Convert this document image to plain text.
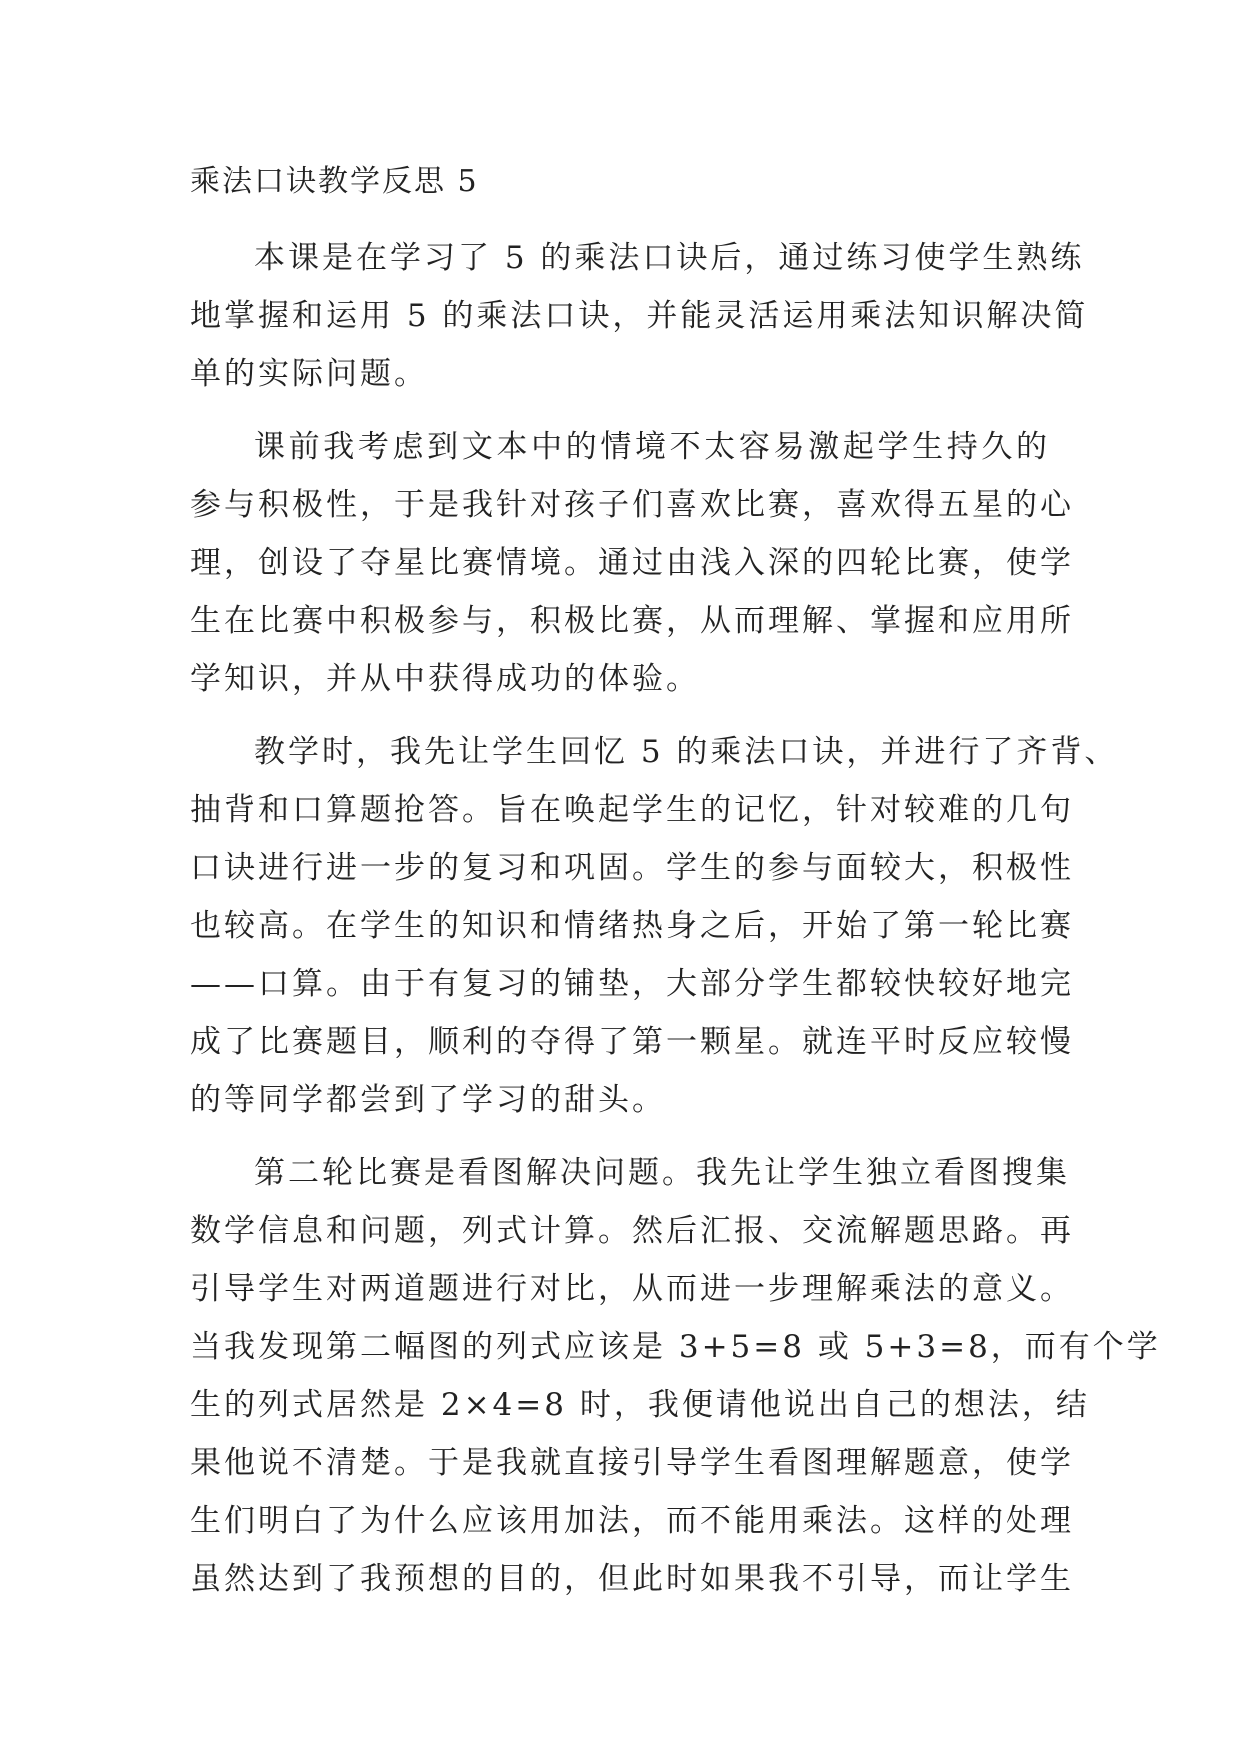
乘法口诀教学反思 5
本课是在学习了 5 的乘法口诀后，通过练习使学生熟练
地掌握和运用 5 的乘法口诀，并能灵活运用乘法知识解决简
单的实际问题。
课前我考虑到文本中的情境不太容易激起学生持久的
参与积极性，于是我针对孩子们喜欢比赛，喜欢得五星的心
理，创设了夺星比赛情境。通过由浅入深的四轮比赛，使学
生在比赛中积极参与，积极比赛，从而理解、掌握和应用所
学知识，并从中获得成功的体验。
教学时，我先让学生回忆 5 的乘法口诀，并进行了齐背、
抽背和口算题抢答。旨在唤起学生的记忆，针对较难的几句
口诀进行进一步的复习和巩固。学生的参与面较大，积极性
也较高。在学生的知识和情绪热身之后，开始了第一轮比赛
——口算。由于有复习的铺垫，大部分学生都较快较好地完
成了比赛题目，顺利的夺得了第一颗星。就连平时反应较慢
的等同学都尝到了学习的甜头。
第二轮比赛是看图解决问题。我先让学生独立看图搜集
数学信息和问题，列式计算。然后汇报、交流解题思路。再
引导学生对两道题进行对比，从而进一步理解乘法的意义。
当我发现第二幅图的列式应该是 3+5=8 或 5+3=8，而有个学
生的列式居然是 2×4=8 时，我便请他说出自己的想法，结
果他说不清楚。于是我就直接引导学生看图理解题意，使学
生们明白了为什么应该用加法，而不能用乘法。这样的处理
虽然达到了我预想的目的，但此时如果我不引导，而让学生
